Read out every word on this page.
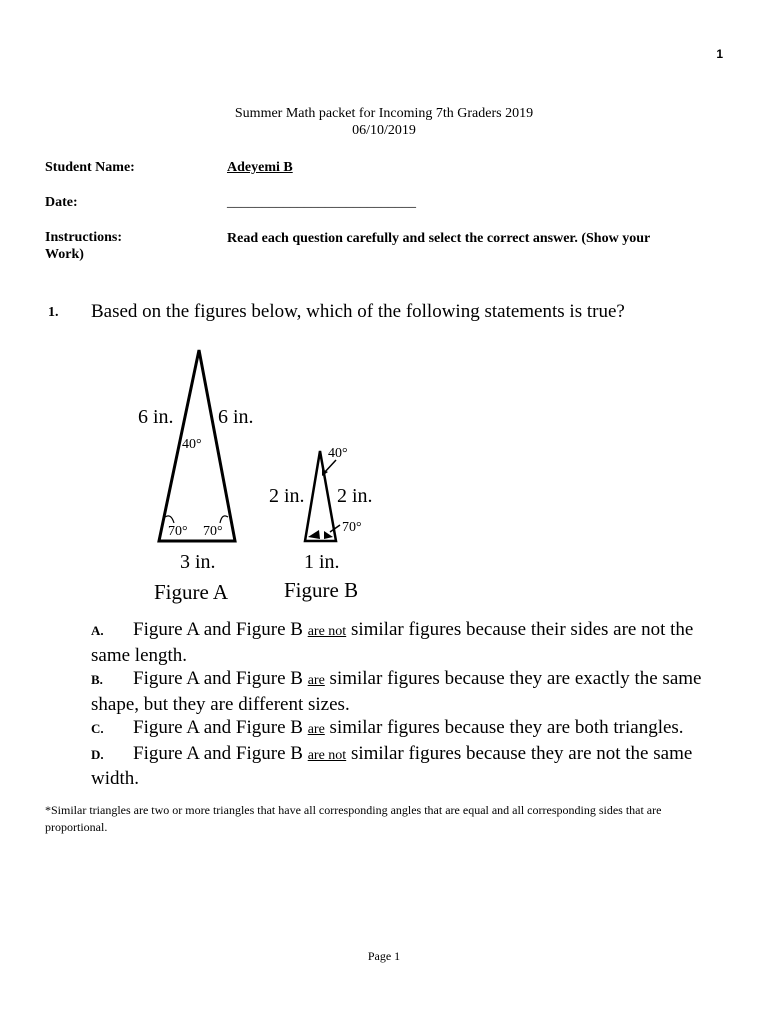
1
Summer Math packet for Incoming 7th Graders 2019
06/10/2019
Student Name:	Adeyemi B
Date:	___________________________
Instructions:	Read each question carefully and select the correct answer. (Show your
Work)
1. Based on the figures below, which of the following statements is true?
6 in. 6 in.
40°
70° 70°
3 in.
Figure A
40°
2 in. 2 in.
70°
1 in.
Figure B

A. Figure A and Figure B are not similar figures because their sides are not the same length.

B. Figure A and Figure B are similar figures because they are exactly the same shape, but they are different sizes.

C. Figure A and Figure B are similar figures because they are both triangles.

D. Figure A and Figure B are not similar figures because they are not the same width.

*Similar triangles are two or more triangles that have all corresponding angles that are equal and all corresponding sides that are proportional.
Page 1
